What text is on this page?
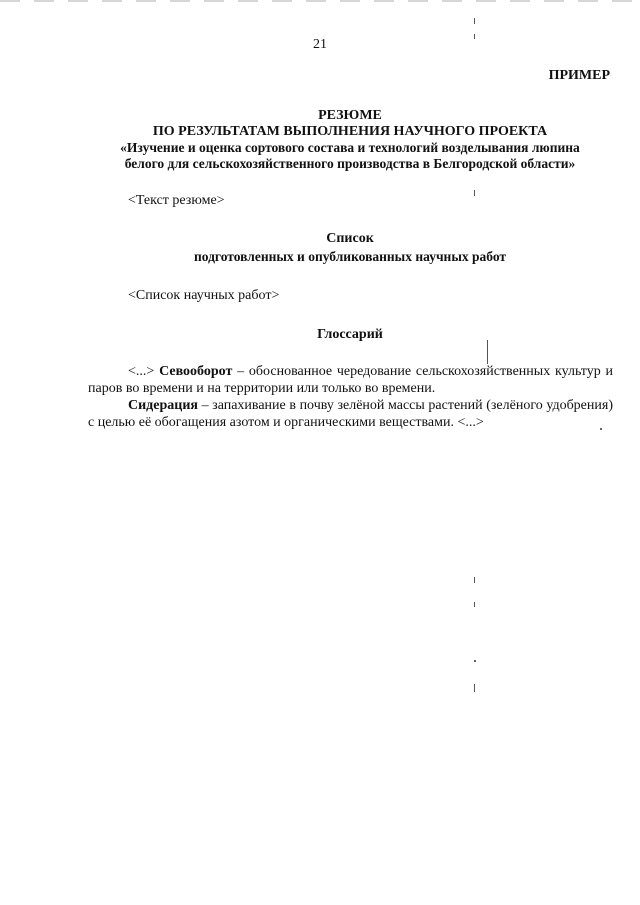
21
ПРИМЕР
РЕЗЮМЕ
ПО РЕЗУЛЬТАТАМ ВЫПОЛНЕНИЯ НАУЧНОГО ПРОЕКТА
«Изучение и оценка сортового состава и технологий возделывания люпина
белого для сельскохозяйственного производства в Белгородской области»
<Текст резюме>
Список
подготовленных и опубликованных научных работ
<Список научных работ>
Глоссарий
<...> Севооборот – обоснованное чередование сельскохозяйственных культур и паров во времени и на территории или только во времени.
Сидерация – запахивание в почву зелёной массы растений (зелёного удобрения) с целью её обогащения азотом и органическими веществами. <...>
